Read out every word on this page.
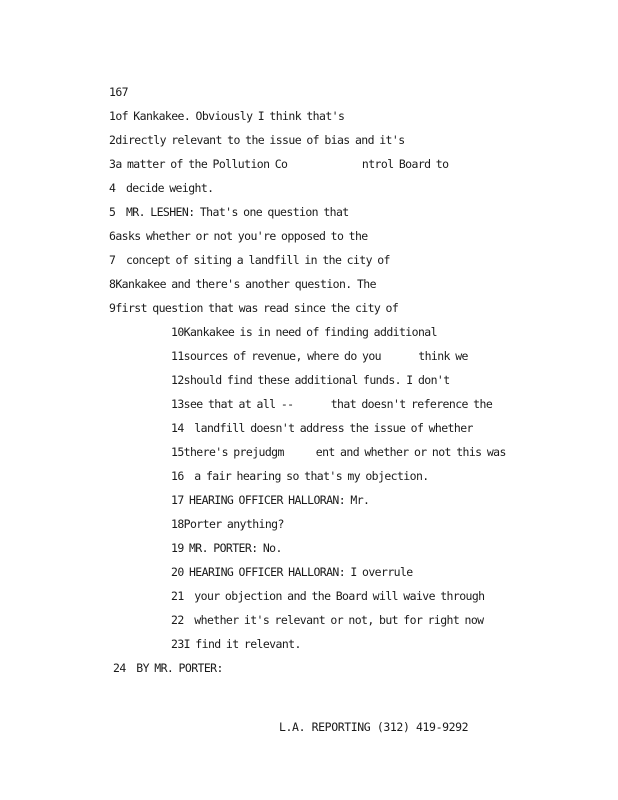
167
1of Kankakee. Obviously I think that's
2directly relevant to the issue of bias and it's
3a matter of the Pollution Co              ntrol Board to
4  decide weight.
5  MR. LESHEN: That's one question that
6asks whether or not you're opposed to the
7  concept of siting a landfill in the city of
8Kankakee and there's another question. The
9first question that was read since the city of
10Kankakee is in need of finding additional
11sources of revenue, where do you       think we
12should find these additional funds. I don't
13see that at all --       that doesn't reference the
14  landfill doesn't address the issue of whether
15there's prejudgm      ent and whether or not this was
16  a fair hearing so that's my objection.
17 HEARING OFFICER HALLORAN: Mr.
18Porter anything?
19 MR. PORTER: No.
20 HEARING OFFICER HALLORAN: I overrule
21  your objection and the Board will waive through
22  whether it's relevant or not, but for right now
23I find it relevant.
24  BY MR. PORTER:
L.A. REPORTING (312) 419-9292
